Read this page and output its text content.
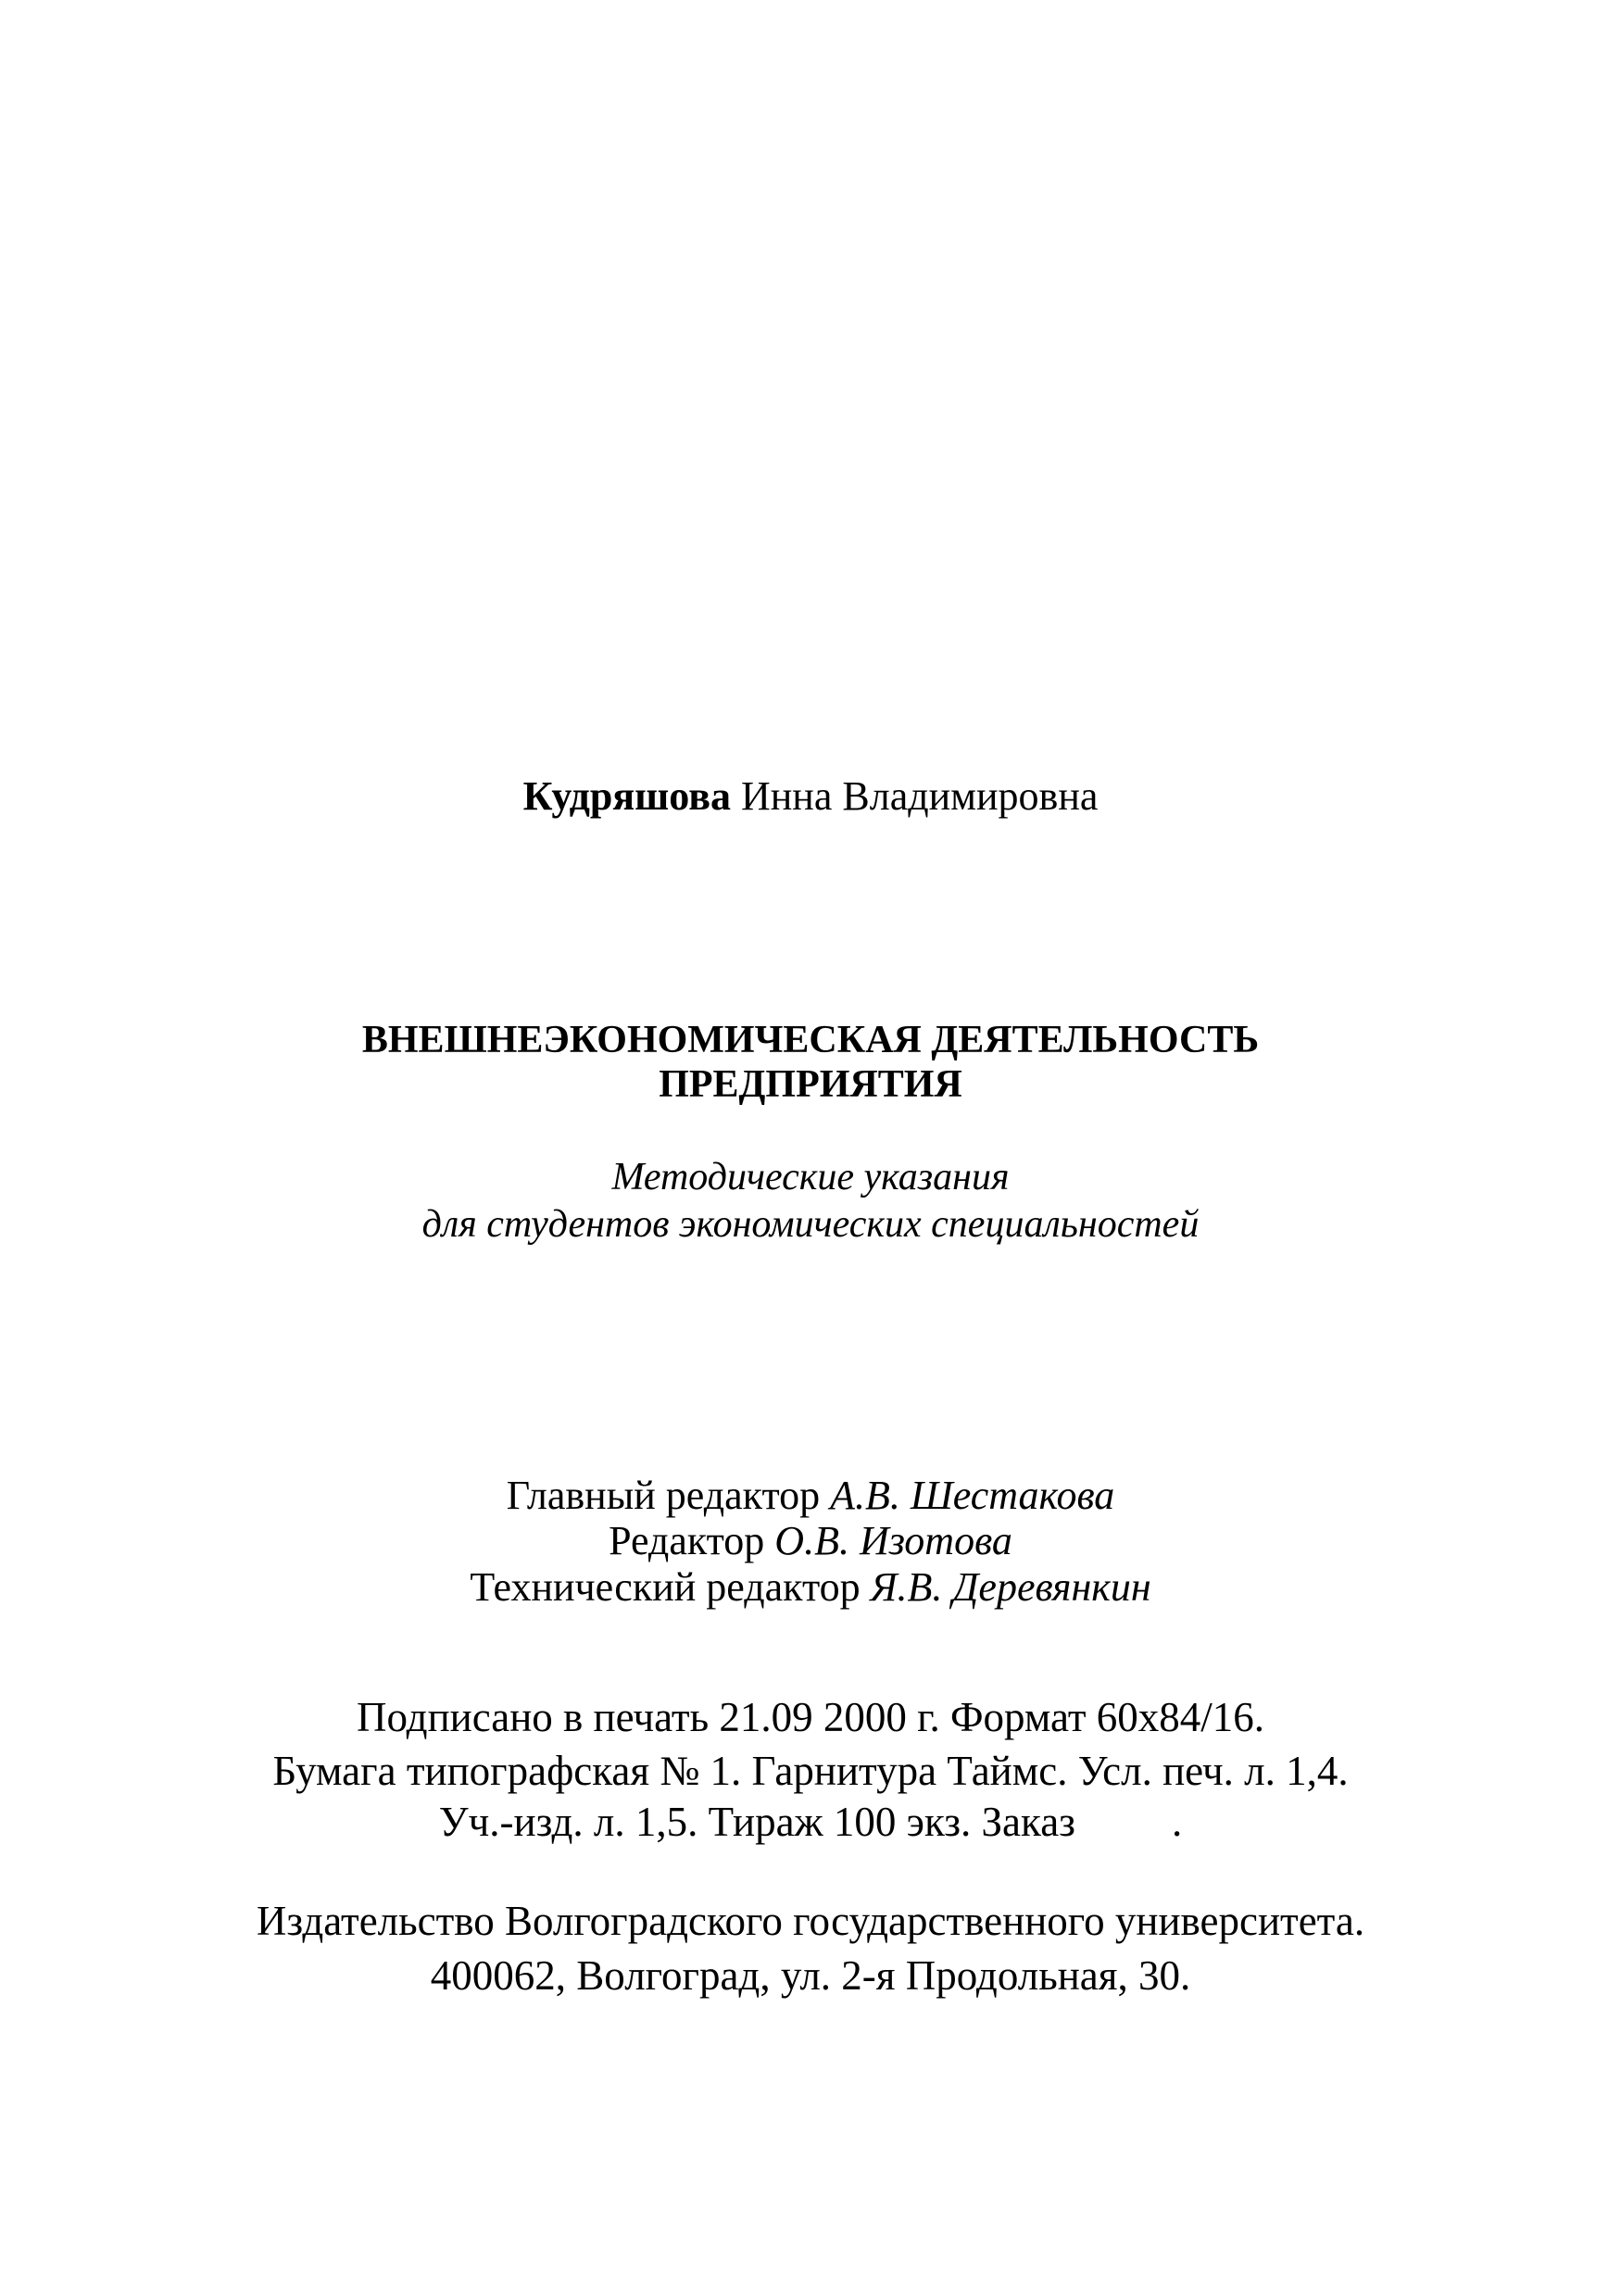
Кудряшова Инна Владимировна
ВНЕШНЕЭКОНОМИЧЕСКАЯ ДЕЯТЕЛЬНОСТЬ
ПРЕДПРИЯТИЯ
Методические указания
для студентов экономических специальностей
Главный редактор А.В. Шестакова
Редактор О.В. Изотова
Технический редактор Я.В. Деревянкин
Подписано в печать 21.09 2000 г. Формат 60х84/16.
Бумага типографская № 1. Гарнитура Таймс. Усл. печ. л. 1,4.
Уч.-изд. л. 1,5. Тираж 100 экз. Заказ .
Издательство Волгоградского государственного университета.
400062, Волгоград, ул. 2-я Продольная, 30.
